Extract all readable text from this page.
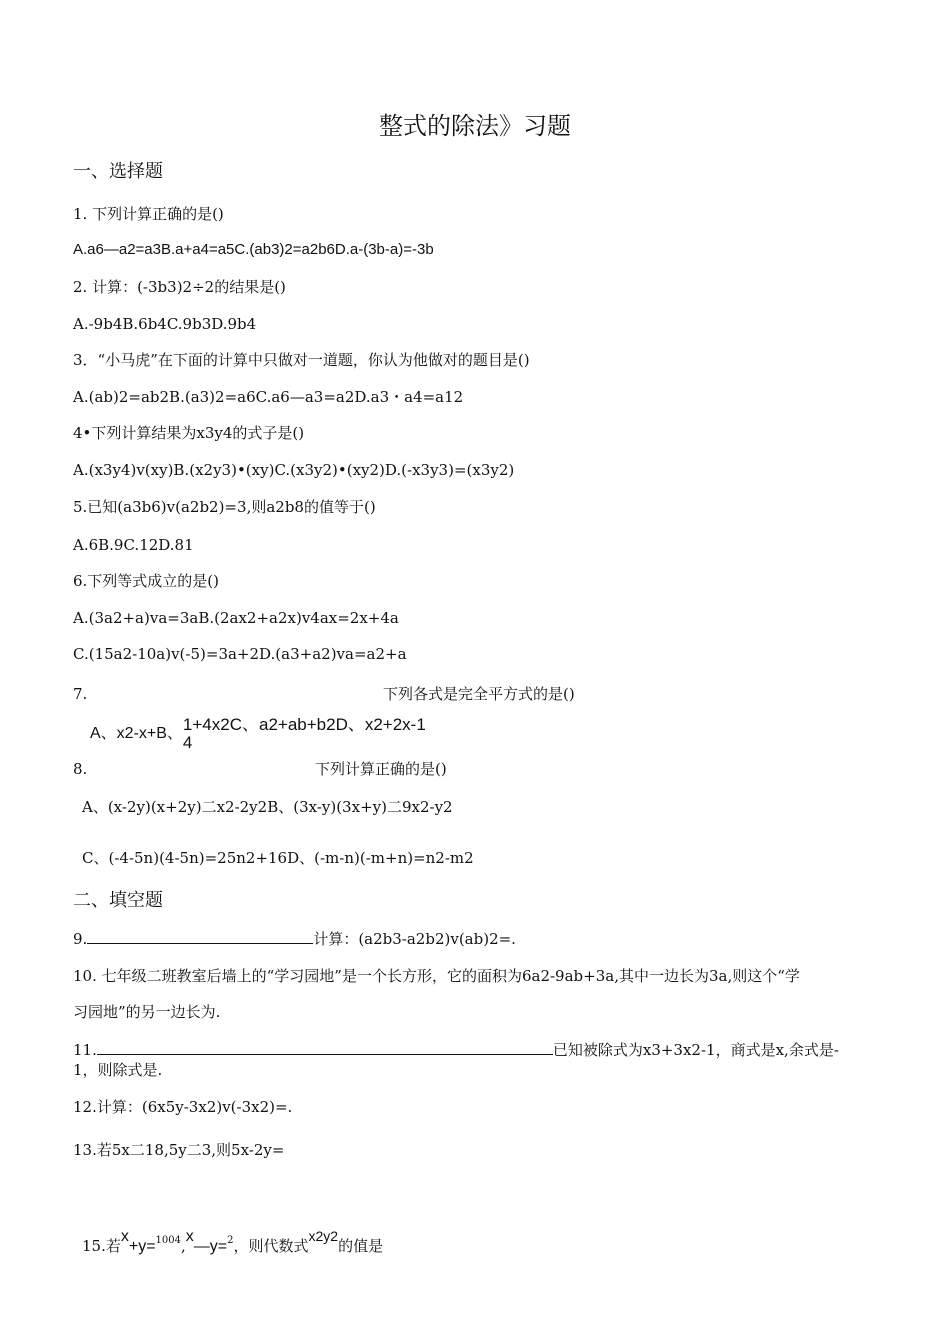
整式的除法》习题
一、选择题
1. 下列计算正确的是()
A.a6—a2=a3B.a+a4=a5C.(ab3)2=a2b6D.a-(3b-a)=-3b
2. 计算：(-3b3)2÷2的结果是()
A.-9b4B.6b4C.9b3D.9b4
3．“小马虎”在下面的计算中只做对一道题，你认为他做对的题目是()
A.(ab)2=ab2B.(a3)2=a6C.a6—a3=a2D.a3・a4=a12
4•下列计算结果为x3y4的式子是()
A.(x3y4)v(xy)B.(x2y3)•(xy)C.(x3y2)•(xy2)D.(-x3y3)=(x3y2)
5.已知(a3b6)v(a2b2)=3,则a2b8的值等于()
A.6B.9C.12D.81
6.下列等式成立的是()
A.(3a2+a)va=3aB.(2ax2+a2x)v4ax=2x+4a
C.(15a2-10a)v(-5)=3a+2D.(a3+a2)va=a2+a
7.	下列各式是完全平方式的是()
A、x2-x+B、 1+4x2C、a2+ab+b2D、x2+2x-1
4
8.	下列计算正确的是()
A、(x-2y)(x+2y)二x2-2y2B、(3x-y)(3x+y)二9x2-y2
C、(-4-5n)(4-5n)=25n2+16D、(-m-n)(-m+n)=n2-m2
二、填空题
9.	计算：(a2b3-a2b2)v(ab)2=.
10. 七年级二班教室后墙上的“学习园地”是一个长方形，它的面积为6a2-9ab+3a,其中一边长为3a,则这个“学
习园地”的另一边长为.
11.	已知被除式为x3+3x2-1，商式是x,余式是-
1，则除式是.
12.计算：(6x5y-3x2)v(-3x2)=.
13.若5x二18,5y二3,则5x-2y=
15.若x+y=$^{1004}$,x—y=$^2$，则代数式x2y2的值是
